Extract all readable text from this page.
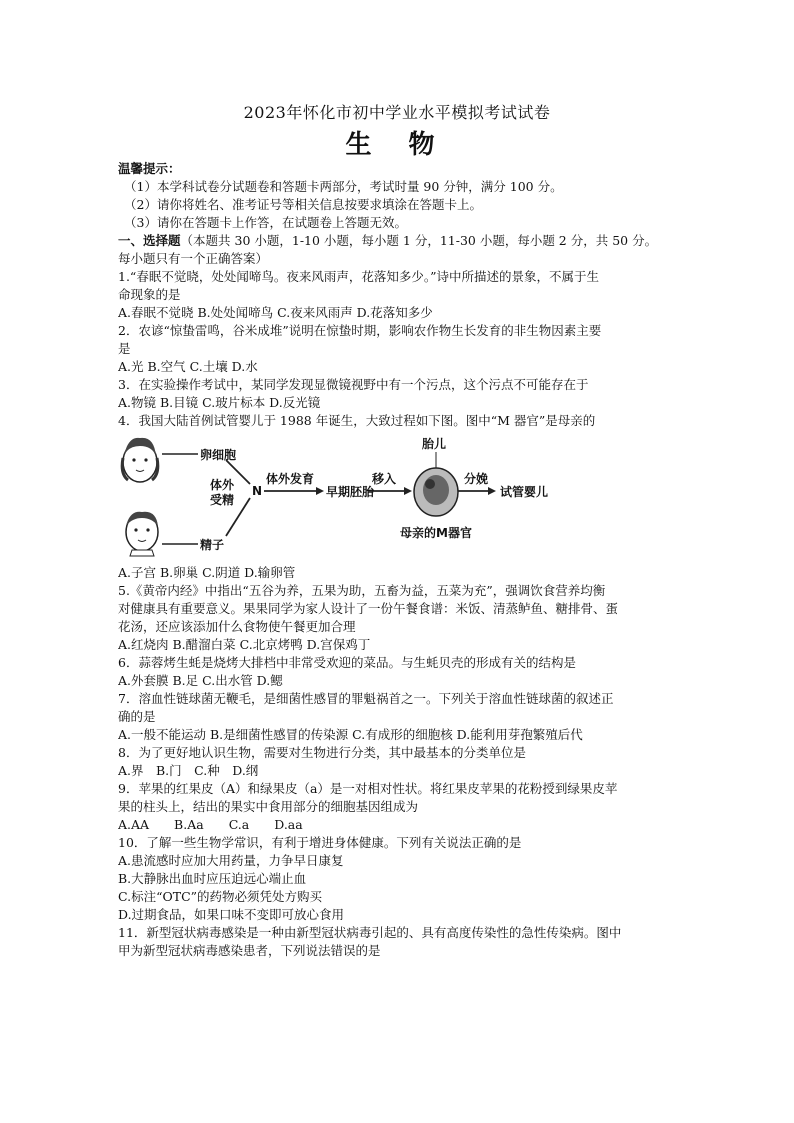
2023年怀化市初中学业水平模拟考试试卷
生 物
温馨提示：
（1）本学科试卷分试题卷和答题卡两部分，考试时量 90 分钟，满分 100 分。
（2）请你将姓名、准考证号等相关信息按要求填涂在答题卡上。
（3）请你在答题卡上作答，在试题卷上答题无效。
一、选择题（本题共 30 小题，1-10 小题，每小题 1 分，11-30 小题，每小题 2 分，共 50 分。
每小题只有一个正确答案）
1.“春眠不觉晓，处处闻啼鸟。夜来风雨声，花落知多少。”诗中所描述的景象，不属于生
命现象的是
A.春眠不觉晓 B.处处闻啼鸟 C.夜来风雨声 D.花落知多少
2．农谚“惊蛰雷鸣，谷米成堆”说明在惊蛰时期，影响农作物生长发育的非生物因素主要
是
A.光 B.空气 C.土壤 D.水
3．在实验操作考试中，某同学发现显微镜视野中有一个污点，这个污点不可能存在于
A.物镜 B.目镜 C.玻片标本 D.反光镜
4．我国大陆首例试管婴儿于 1988 年诞生，大致过程如下图。图中“M 器官”是母亲的
卵细胞
精子
体外受精
N
体外发育
早期胚胎
移入
胎儿
分娩
试管婴儿
母亲的M器官
A.子宫 B.卵巢 C.阴道 D.输卵管
5.《黄帝内经》中指出“五谷为养，五果为助，五畜为益，五菜为充”，强调饮食营养均衡
对健康具有重要意义。果果同学为家人设计了一份午餐食谱：米饭、清蒸鲈鱼、糖排骨、蛋
花汤，还应该添加什么食物使午餐更加合理
A.红烧肉 B.醋溜白菜 C.北京烤鸭 D.宫保鸡丁
6．蒜蓉烤生蚝是烧烤大排档中非常受欢迎的菜品。与生蚝贝壳的形成有关的结构是
A.外套膜 B.足 C.出水管 D.鳃
7．溶血性链球菌无鞭毛，是细菌性感冒的罪魁祸首之一。下列关于溶血性链球菌的叙述正
确的是
A.一般不能运动 B.是细菌性感冒的传染源 C.有成形的细胞核 D.能利用芽孢繁殖后代
8．为了更好地认识生物，需要对生物进行分类，其中最基本的分类单位是
A.界　B.门　C.种　D.纲
9．苹果的红果皮（A）和绿果皮（a）是一对相对性状。将红果皮苹果的花粉授到绿果皮苹
果的柱头上，结出的果实中食用部分的细胞基因组成为
A.AA　　B.Aa　　C.a　　D.aa
10．了解一些生物学常识，有利于增进身体健康。下列有关说法正确的是
A.患流感时应加大用药量，力争早日康复
B.大静脉出血时应压迫远心端止血
C.标注“OTC”的药物必须凭处方购买
D.过期食品，如果口味不变即可放心食用
11．新型冠状病毒感染是一种由新型冠状病毒引起的、具有高度传染性的急性传染病。图中
甲为新型冠状病毒感染患者，下列说法错误的是
